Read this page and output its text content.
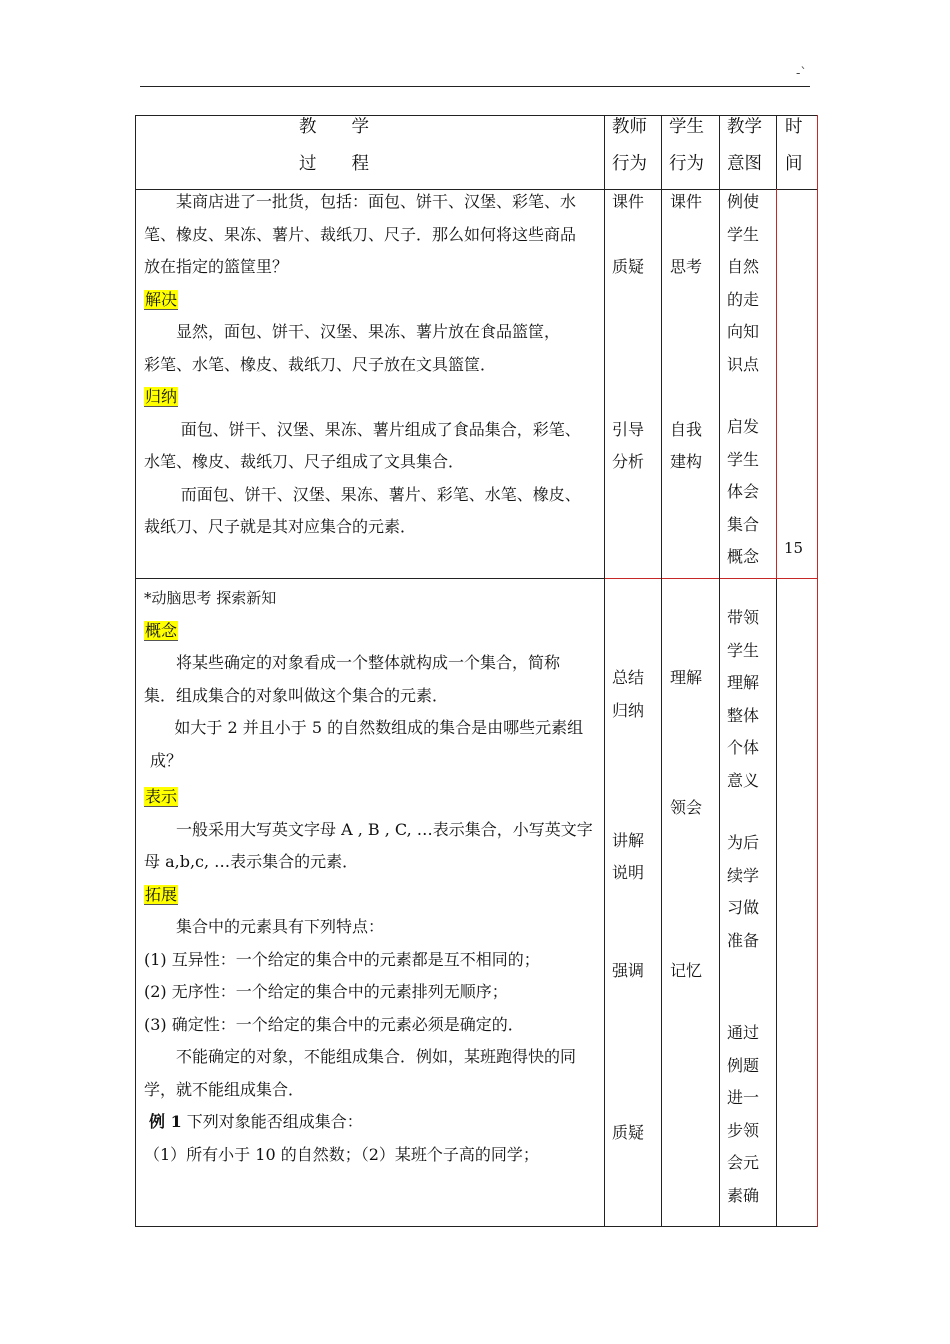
-`

教　　学

过　　程

教师

行为

学生

行为

教学

意图

时

间

某商店进了一批货，包括：面包、饼干、汉堡、彩笔、水

笔、橡皮、果冻、薯片、裁纸刀、尺子．那么如何将这些商品

放在指定的篮筐里？

解决

显然，面包、饼干、汉堡、果冻、薯片放在食品篮筐，

彩笔、水笔、橡皮、裁纸刀、尺子放在文具篮筐．

归纳

面包、饼干、汉堡、果冻、薯片组成了食品集合，彩笔、

水笔、橡皮、裁纸刀、尺子组成了文具集合．

而面包、饼干、汉堡、果冻、薯片、彩笔、水笔、橡皮、

裁纸刀、尺子就是其对应集合的元素．

课件

质疑

引导

分析

课件

思考

自我

建构

例使

学生

自然

的走

向知

识点

启发

学生

体会

集合

概念 15

*动脑思考 探索新知

概念

将某些确定的对象看成一个整体就构成一个集合，简称

集．组成集合的对象叫做这个集合的元素．

如大于 2 并且小于 5 的自然数组成的集合是由哪些元素组

成？

表示

一般采用大写英文字母 A , B , C, …表示集合，小写英文字

母 a,b,c, …表示集合的元素．

拓展

集合中的元素具有下列特点：

(1) 互异性：一个给定的集合中的元素都是互不相同的；

(2) 无序性：一个给定的集合中的元素排列无顺序；

(3) 确定性：一个给定的集合中的元素必须是确定的．

不能确定的对象，不能组成集合．例如，某班跑得快的同

学，就不能组成集合．

例 1 下列对象能否组成集合：

（1）所有小于 10 的自然数；（2）某班个子高的同学；

总结

归纳

讲解

说明

强调

质疑

理解

领会

记忆

带领

学生

理解

整体

个体

意义

为后

续学

习做

准备

通过

例题

进一

步领

会元

素确
